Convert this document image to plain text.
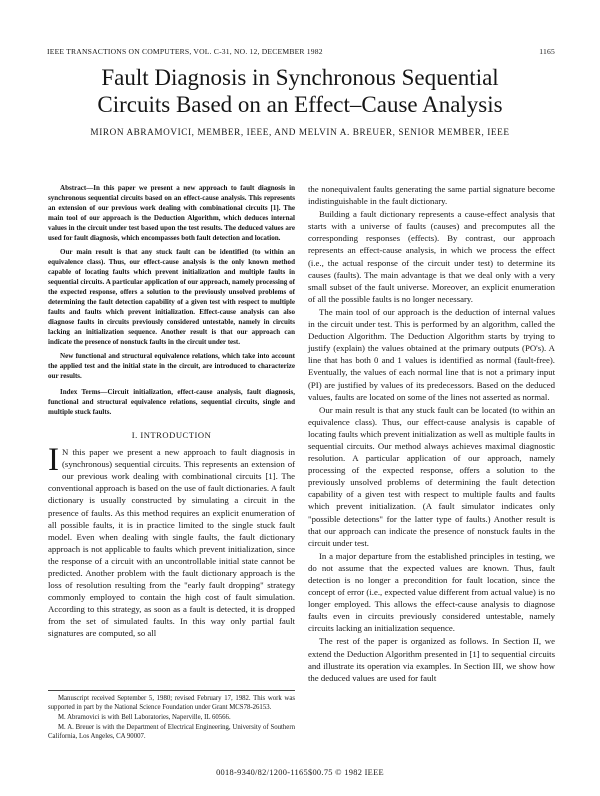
IEEE TRANSACTIONS ON COMPUTERS, VOL. C-31, NO. 12, DECEMBER 1982	1165
Fault Diagnosis in Synchronous Sequential
Circuits Based on an Effect–Cause Analysis
MIRON ABRAMOVICI, MEMBER, IEEE, AND MELVIN A. BREUER, SENIOR MEMBER, IEEE

Abstract—In this paper we present a new approach to fault diagnosis in synchronous sequential circuits based on an effect-cause analysis. This represents an extension of our previous work dealing with combinational circuits [1]. The main tool of our approach is the Deduction Algorithm, which deduces internal values in the circuit under test based upon the test results. The deduced values are used for fault diagnosis, which encompasses both fault detection and location.

Our main result is that any stuck fault can be identified (to within an equivalence class). Thus, our effect-cause analysis is the only known method capable of locating faults which prevent initialization and multiple faults in sequential circuits. A particular application of our approach, namely processing of the expected response, offers a solution to the previously unsolved problems of determining the fault detection capability of a given test with respect to multiple faults and faults which prevent initialization. Effect-cause analysis can also diagnose faults in circuits previously considered untestable, namely in circuits lacking an initialization sequence. Another result is that our approach can indicate the presence of nonstuck faults in the circuit under test.

New functional and structural equivalence relations, which take into account the applied test and the initial state in the circuit, are introduced to characterize our results.

Index Terms—Circuit initialization, effect-cause analysis, fault diagnosis, functional and structural equivalence relations, sequential circuits, single and multiple stuck faults.

I. INTRODUCTION

I N this paper we present a new approach to fault diagnosis in (synchronous) sequential circuits. This represents an extension of our previous work dealing with combinational circuits [1]. The conventional approach is based on the use of fault dictionaries. A fault dictionary is usually constructed by simulating a circuit in the presence of faults. As this method requires an explicit enumeration of all possible faults, it is in practice limited to the single stuck fault model. Even when dealing with single faults, the fault dictionary approach is not applicable to faults which prevent initialization, since the response of a circuit with an uncontrollable initial state cannot be predicted. Another problem with the fault dictionary approach is the loss of resolution resulting from the "early fault dropping" strategy commonly employed to contain the high cost of fault simulation. According to this strategy, as soon as a fault is detected, it is dropped from the set of simulated faults. In this way only partial fault signatures are computed, so all

Manuscript received September 5, 1980; revised February 17, 1982. This work was supported in part by the National Science Foundation under Grant MCS78-26153.

M. Abramovici is with Bell Laboratories, Naperville, IL 60566.

M. A. Breuer is with the Department of Electrical Engineering, University of Southern California, Los Angeles, CA 90007.

the nonequivalent faults generating the same partial signature become indistinguishable in the fault dictionary.

Building a fault dictionary represents a cause-effect analysis that starts with a universe of faults (causes) and precomputes all the corresponding responses (effects). By contrast, our approach represents an effect-cause analysis, in which we process the effect (i.e., the actual response of the circuit under test) to determine its causes (faults). The main advantage is that we deal only with a very small subset of the fault universe. Moreover, an explicit enumeration of all the possible faults is no longer necessary.

The main tool of our approach is the deduction of internal values in the circuit under test. This is performed by an algorithm, called the Deduction Algorithm. The Deduction Algorithm starts by trying to justify (explain) the values obtained at the primary outputs (PO's). A line that has both 0 and 1 values is identified as normal (fault-free). Eventually, the values of each normal line that is not a primary input (PI) are justified by values of its predecessors. Based on the deduced values, faults are located on some of the lines not asserted as normal.

Our main result is that any stuck fault can be located (to within an equivalence class). Thus, our effect-cause analysis is capable of locating faults which prevent initialization as well as multiple faults in sequential circuits. Our method always achieves maximal diagnostic resolution. A particular application of our approach, namely processing of the expected response, offers a solution to the previously unsolved problems of determining the fault detection capability of a given test with respect to multiple faults and faults which prevent initialization. (A fault simulator indicates only "possible detections" for the latter type of faults.) Another result is that our approach can indicate the presence of nonstuck faults in the circuit under test.

In a major departure from the established principles in testing, we do not assume that the expected values are known. Thus, fault detection is no longer a precondition for fault location, since the concept of error (i.e., expected value different from actual value) is no longer employed. This allows the effect-cause analysis to diagnose faults even in circuits previously considered untestable, namely circuits lacking an initialization sequence.

The rest of the paper is organized as follows. In Section II, we extend the Deduction Algorithm presented in [1] to sequential circuits and illustrate its operation via examples. In Section III, we show how the deduced values are used for fault

0018-9340/82/1200-1165$00.75 © 1982 IEEE
